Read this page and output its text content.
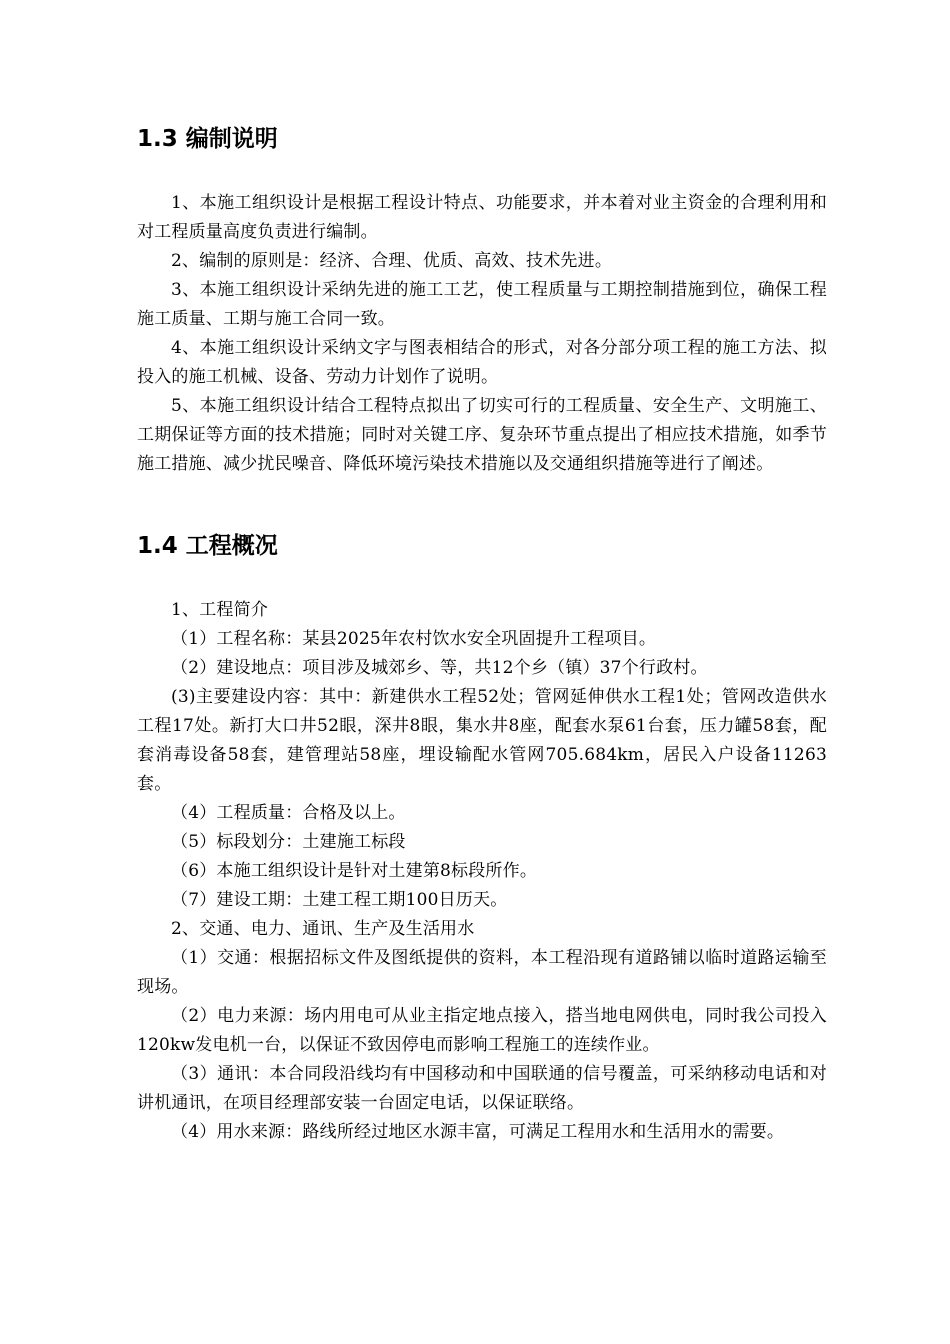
1.3 编制说明

1、本施工组织设计是根据工程设计特点、功能要求，并本着对业主资金的合理利用和对工程质量高度负责进行编制。

2、编制的原则是：经济、合理、优质、高效、技术先进。

3、本施工组织设计采纳先进的施工工艺，使工程质量与工期控制措施到位，确保工程施工质量、工期与施工合同一致。

4、本施工组织设计采纳文字与图表相结合的形式，对各分部分项工程的施工方法、拟投入的施工机械、设备、劳动力计划作了说明。

5、本施工组织设计结合工程特点拟出了切实可行的工程质量、安全生产、文明施工、工期保证等方面的技术措施；同时对关键工序、复杂环节重点提出了相应技术措施，如季节施工措施、减少扰民噪音、降低环境污染技术措施以及交通组织措施等进行了阐述。

1.4 工程概况

1、工程简介

（1）工程名称：某县2025年农村饮水安全巩固提升工程项目。

（2）建设地点：项目涉及城郊乡、等，共12个乡（镇）37个行政村。

(3)主要建设内容：其中：新建供水工程52处；管网延伸供水工程1处；管网改造供水工程17处。新打大口井52眼，深井8眼，集水井8座，配套水泵61台套，压力罐58套，配套消毒设备58套，建管理站58座，埋设输配水管网705.684km，居民入户设备11263套。

（4）工程质量：合格及以上。

（5）标段划分：土建施工标段

（6）本施工组织设计是针对土建第8标段所作。

（7）建设工期：土建工程工期100日历天。

2、交通、电力、通讯、生产及生活用水

（1）交通：根据招标文件及图纸提供的资料，本工程沿现有道路铺以临时道路运输至现场。

（2）电力来源：场内用电可从业主指定地点接入，搭当地电网供电，同时我公司投入120kw发电机一台，以保证不致因停电而影响工程施工的连续作业。

（3）通讯：本合同段沿线均有中国移动和中国联通的信号覆盖，可采纳移动电话和对讲机通讯，在项目经理部安装一台固定电话，以保证联络。

（4）用水来源：路线所经过地区水源丰富，可满足工程用水和生活用水的需要。
